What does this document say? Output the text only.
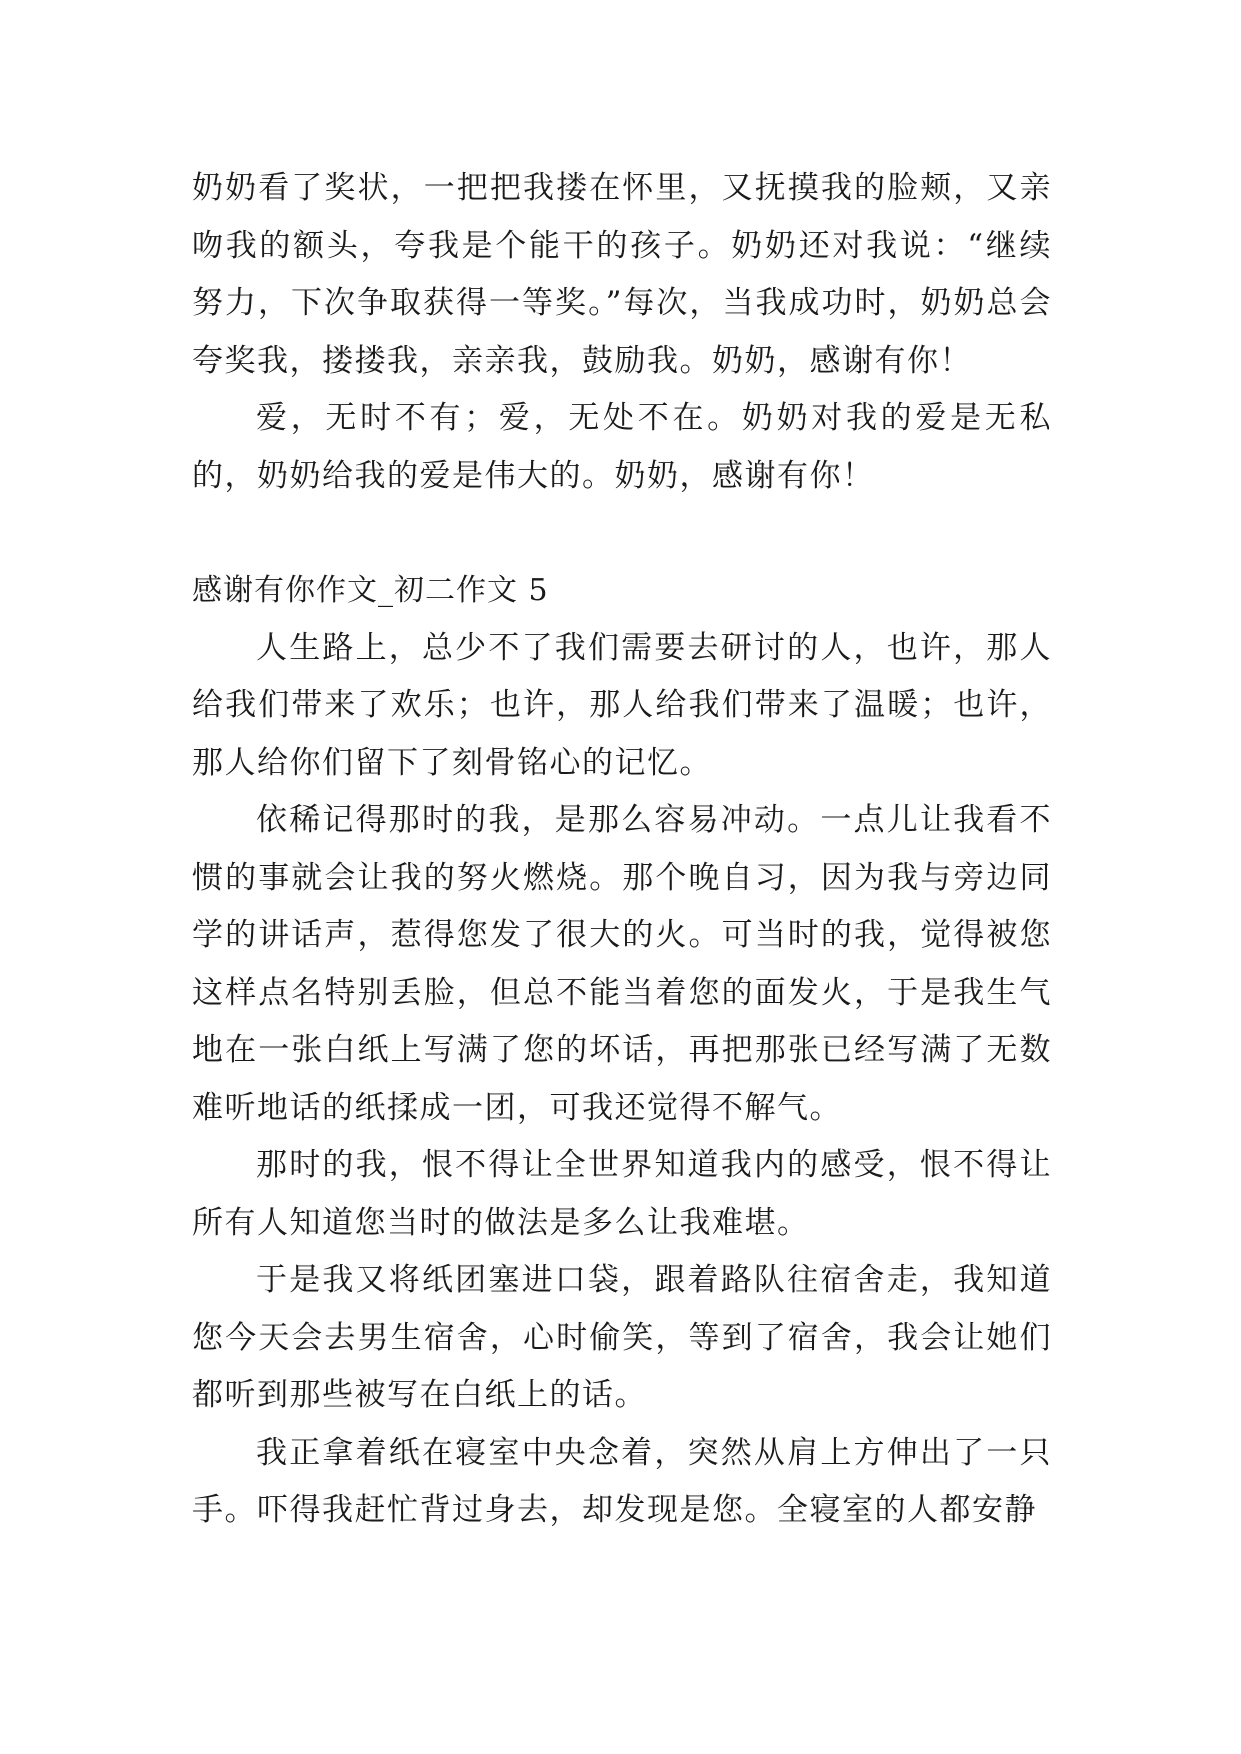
奶奶看了奖状，一把把我搂在怀里，又抚摸我的脸颊，又亲吻我的额头，夸我是个能干的孩子。奶奶还对我说：“继续努力，下次争取获得一等奖。”每次，当我成功时，奶奶总会夸奖我，搂搂我，亲亲我，鼓励我。奶奶，感谢有你！

爱，无时不有；爱，无处不在。奶奶对我的爱是无私的，奶奶给我的爱是伟大的。奶奶，感谢有你！

感谢有你作文_初二作文 5

人生路上，总少不了我们需要去研讨的人，也许，那人给我们带来了欢乐；也许，那人给我们带来了温暖；也许，那人给你们留下了刻骨铭心的记忆。

依稀记得那时的我，是那么容易冲动。一点儿让我看不惯的事就会让我的努火燃烧。那个晚自习，因为我与旁边同学的讲话声，惹得您发了很大的火。可当时的我，觉得被您这样点名特别丢脸，但总不能当着您的面发火，于是我生气地在一张白纸上写满了您的坏话，再把那张已经写满了无数难听地话的纸揉成一团，可我还觉得不解气。

那时的我，恨不得让全世界知道我内的感受，恨不得让所有人知道您当时的做法是多么让我难堪。

于是我又将纸团塞进口袋，跟着路队往宿舍走，我知道您今天会去男生宿舍，心时偷笑，等到了宿舍，我会让她们都听到那些被写在白纸上的话。

我正拿着纸在寝室中央念着，突然从肩上方伸出了一只手。吓得我赶忙背过身去，却发现是您。全寝室的人都安静
